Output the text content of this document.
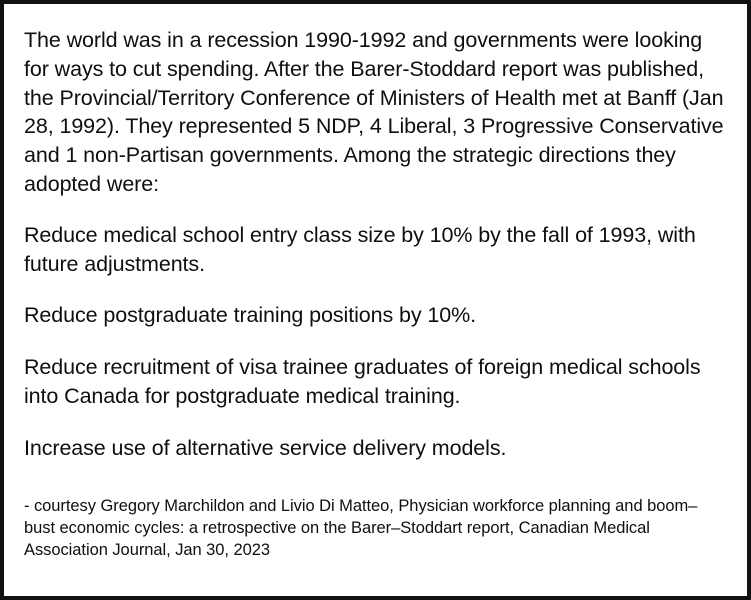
The world was in a recession 1990-1992 and governments were looking for ways to cut spending. After the Barer-Stoddard report was published, the Provincial/Territory Conference of Ministers of Health met at Banff (Jan 28, 1992). They represented 5 NDP, 4 Liberal, 3 Progressive Conservative and 1 non-Partisan governments. Among the strategic directions they adopted were:

Reduce medical school entry class size by 10% by the fall of 1993, with future adjustments.

Reduce postgraduate training positions by 10%.

Reduce recruitment of visa trainee graduates of foreign medical schools into Canada for postgraduate medical training.

Increase use of alternative service delivery models.

- courtesy Gregory Marchildon and Livio Di Matteo, Physician workforce planning and boom–bust economic cycles: a retrospective on the Barer–Stoddart report, Canadian Medical Association Journal, Jan 30, 2023
